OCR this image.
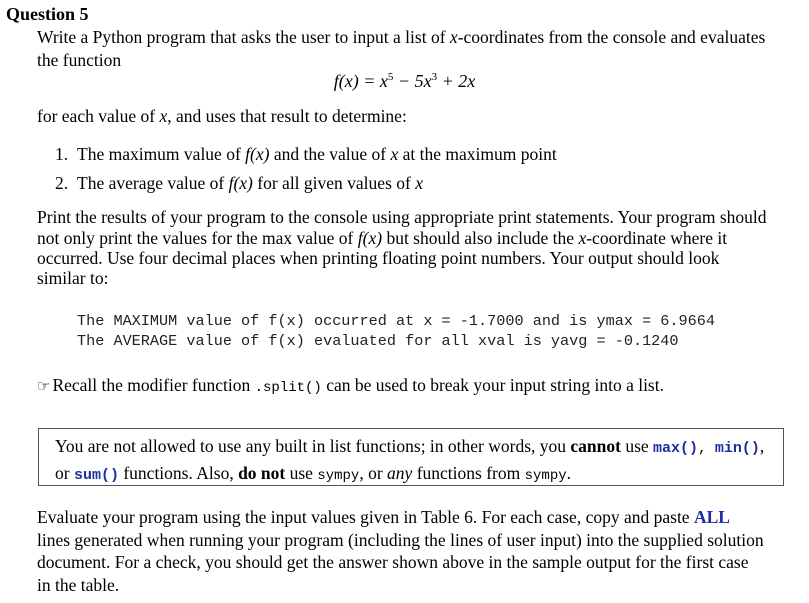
Question 5
Write a Python program that asks the user to input a list of x-coordinates from the console and evaluates
the function
$f(x) = x^5 - 5x^3 + 2x$
for each value of x, and uses that result to determine:
1. The maximum value of f(x) and the value of x at the maximum point
2. The average value of f(x) for all given values of x
Print the results of your program to the console using appropriate print statements. Your program should
not only print the values for the max value of f(x) but should also include the x-coordinate where it
occurred. Use four decimal places when printing floating point numbers. Your output should look
similar to:
The MAXIMUM value of f(x) occurred at x = -1.7000 and is ymax = 6.9664
The AVERAGE value of f(x) evaluated for all xval is yavg = -0.1240
☞ Recall the modifier function .split() can be used to break your input string into a list.
You are not allowed to use any built in list functions; in other words, you cannot use max(), min(),
or sum() functions. Also, do not use sympy, or any functions from sympy.
Evaluate your program using the input values given in Table 6. For each case, copy and paste ALL
lines generated when running your program (including the lines of user input) into the supplied solution
document. For a check, you should get the answer shown above in the sample output for the first case
in the table.
